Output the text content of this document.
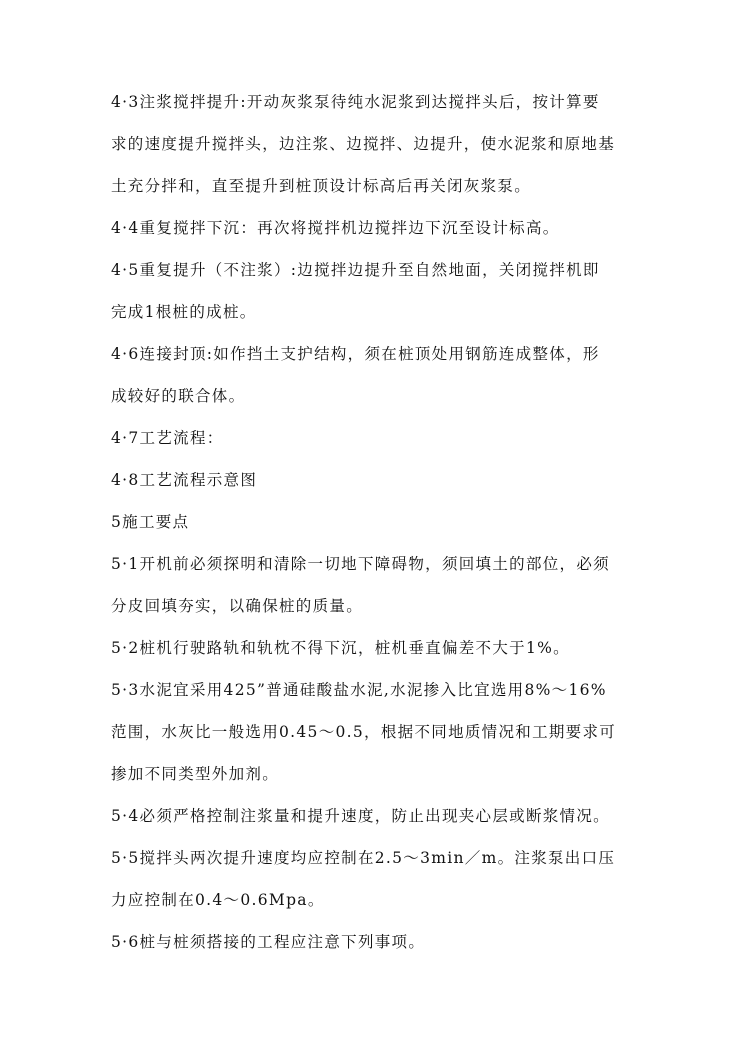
4·3注浆搅拌提升:开动灰浆泵待纯水泥浆到达搅拌头后，按计算要
求的速度提升搅拌头，边注浆、边搅拌、边提升，使水泥浆和原地基
土充分拌和，直至提升到桩顶设计标高后再关闭灰浆泵。
4·4重复搅拌下沉：再次将搅拌机边搅拌边下沉至设计标高。
4·5重复提升（不注浆）:边搅拌边提升至自然地面，关闭搅拌机即
完成1根桩的成桩。
4·6连接封顶:如作挡土支护结构，须在桩顶处用钢筋连成整体，形
成较好的联合体。
4·7工艺流程：
4·8工艺流程示意图
5施工要点
5·1开机前必须探明和清除一切地下障碍物，须回填土的部位，必须
分皮回填夯实，以确保桩的质量。
5·2桩机行驶路轨和轨枕不得下沉，桩机垂直偏差不大于1%。
5·3水泥宜采用425”普通硅酸盐水泥,水泥掺入比宜选用8%～16%
范围，水灰比一般选用0.45～0.5，根据不同地质情况和工期要求可
掺加不同类型外加剂。
5·4必须严格控制注浆量和提升速度，防止出现夹心层或断浆情况。
5·5搅拌头两次提升速度均应控制在2.5～3min／m。注浆泵出口压
力应控制在0.4～0.6Mpa。
5·6桩与桩须搭接的工程应注意下列事项。
